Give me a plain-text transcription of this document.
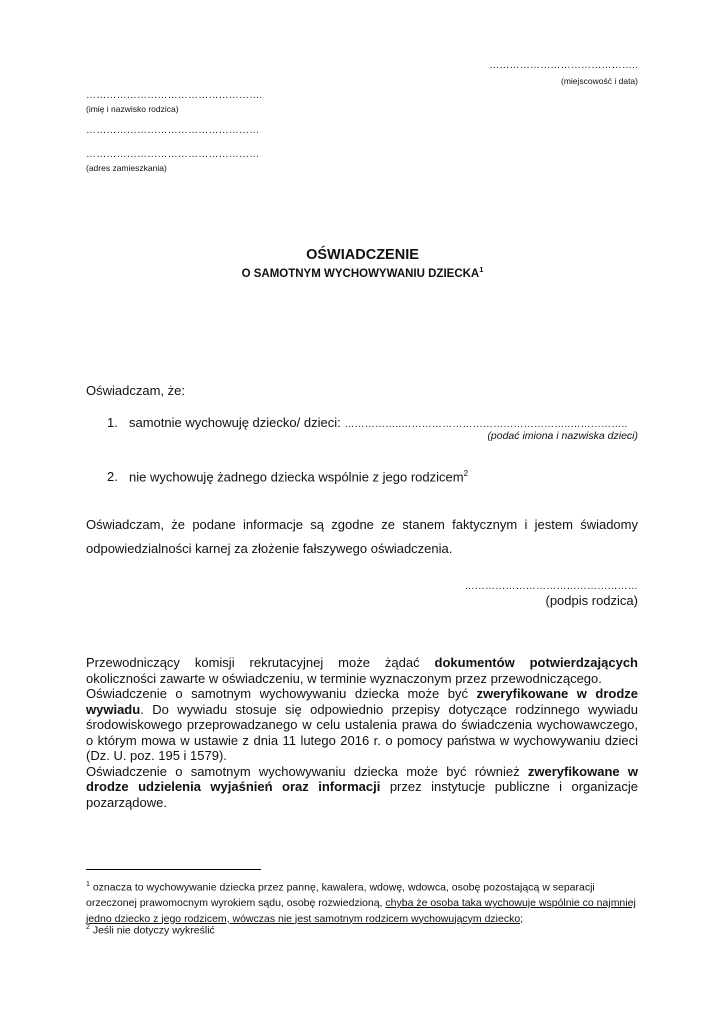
……………………………………..
(miejscowość i data)
…………………………………………….
(imię i nazwisko rodzica)
……………………………………………
……………………………………………
(adres zamieszkania)
OŚWIADCZENIE
O SAMOTNYM WYCHOWYWANIU DZIECKA$^1$
Oświadczam, że:
1. samotnie wychowuję dziecko/ dzieci: ……………..…………………………………………..……………..
(podać imiona i nazwiska dzieci)
2. nie wychowuję żadnego dziecka wspólnie z jego rodzicem$^2$
Oświadczam, że podane informacje są zgodne ze stanem faktycznym i jestem świadomy odpowiedzialności karnej za złożenie fałszywego oświadczenia.
……………………………………………
(podpis rodzica)
Przewodniczący komisji rekrutacyjnej może żądać dokumentów potwierdzających okoliczności zawarte w oświadczeniu, w terminie wyznaczonym przez przewodniczącego.
Oświadczenie o samotnym wychowywaniu dziecka może być zweryfikowane w drodze wywiadu. Do wywiadu stosuje się odpowiednio przepisy dotyczące rodzinnego wywiadu środowiskowego przeprowadzanego w celu ustalenia prawa do świadczenia wychowawczego, o którym mowa w ustawie z dnia 11 lutego 2016 r. o pomocy państwa w wychowywaniu dzieci (Dz. U. poz. 195 i 1579).
Oświadczenie o samotnym wychowywaniu dziecka może być również zweryfikowane w drodze udzielenia wyjaśnień oraz informacji przez instytucje publiczne i organizacje pozarządowe.
$^1$ oznacza to wychowywanie dziecka przez pannę, kawalera, wdowę, wdowca, osobę pozostającą w separacji orzeczonej prawomocnym wyrokiem sądu, osobę rozwiedzioną, chyba że osoba taka wychowuje wspólnie co najmniej jedno dziecko z jego rodzicem, wówczas nie jest samotnym rodzicem wychowującym dziecko;
$^2$ Jeśli nie dotyczy wykreślić
